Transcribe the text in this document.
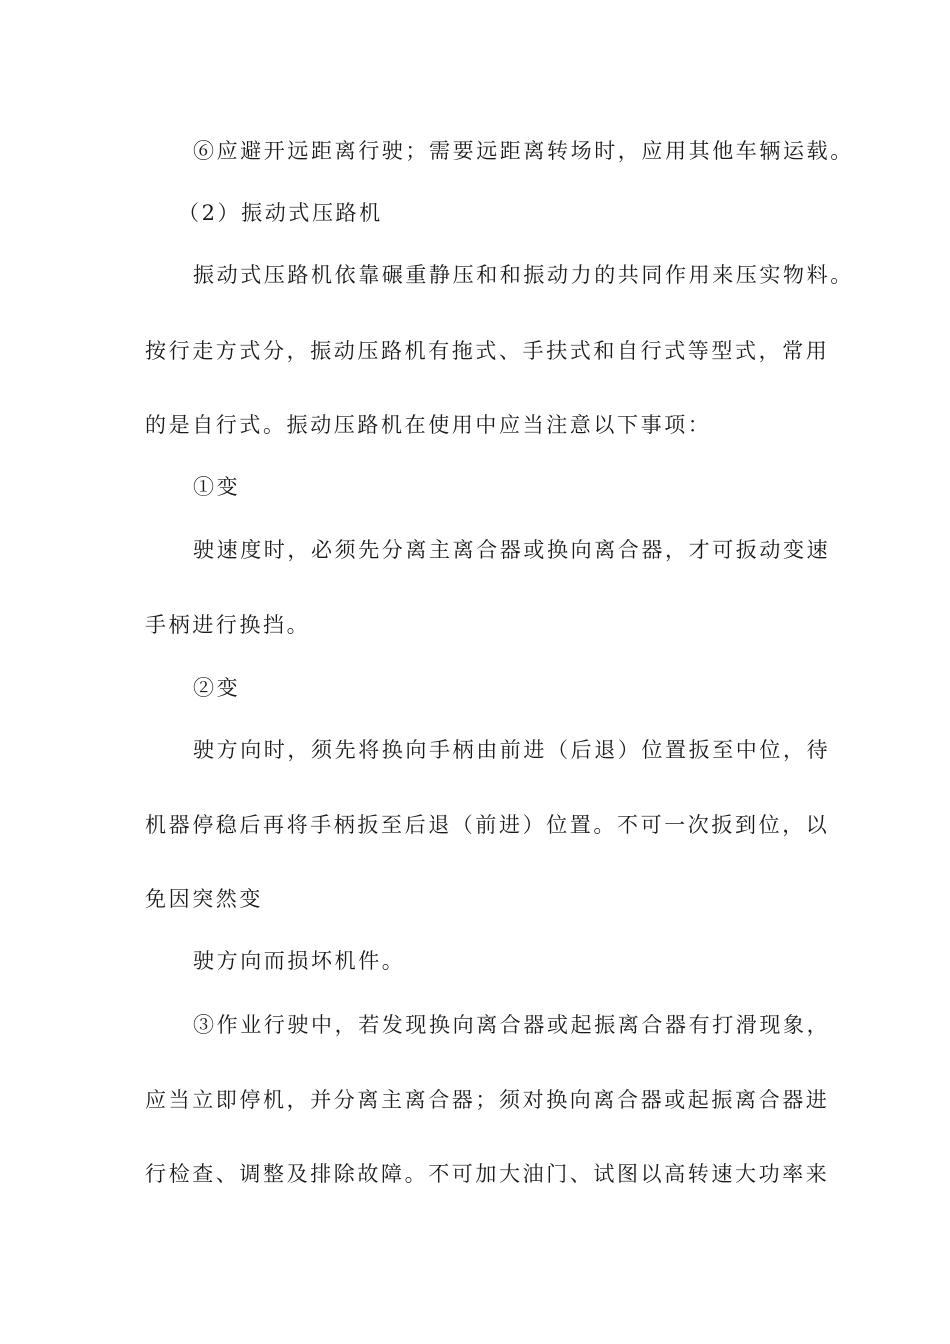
⑥应避开远距离行驶；需要远距离转场时，应用其他车辆运载。
（2）振动式压路机
振动式压路机依靠碾重静压和和振动力的共同作用来压实物料。
按行走方式分，振动压路机有拖式、手扶式和自行式等型式，常用
的是自行式。振动压路机在使用中应当注意以下事项：
①变
驶速度时，必须先分离主离合器或换向离合器，才可扳动变速
手柄进行换挡。
②变
驶方向时，须先将换向手柄由前进（后退）位置扳至中位，待
机器停稳后再将手柄扳至后退（前进）位置。不可一次扳到位，以
免因突然变
驶方向而损坏机件。
③作业行驶中，若发现换向离合器或起振离合器有打滑现象，
应当立即停机，并分离主离合器；须对换向离合器或起振离合器进
行检查、调整及排除故障。不可加大油门、试图以高转速大功率来
